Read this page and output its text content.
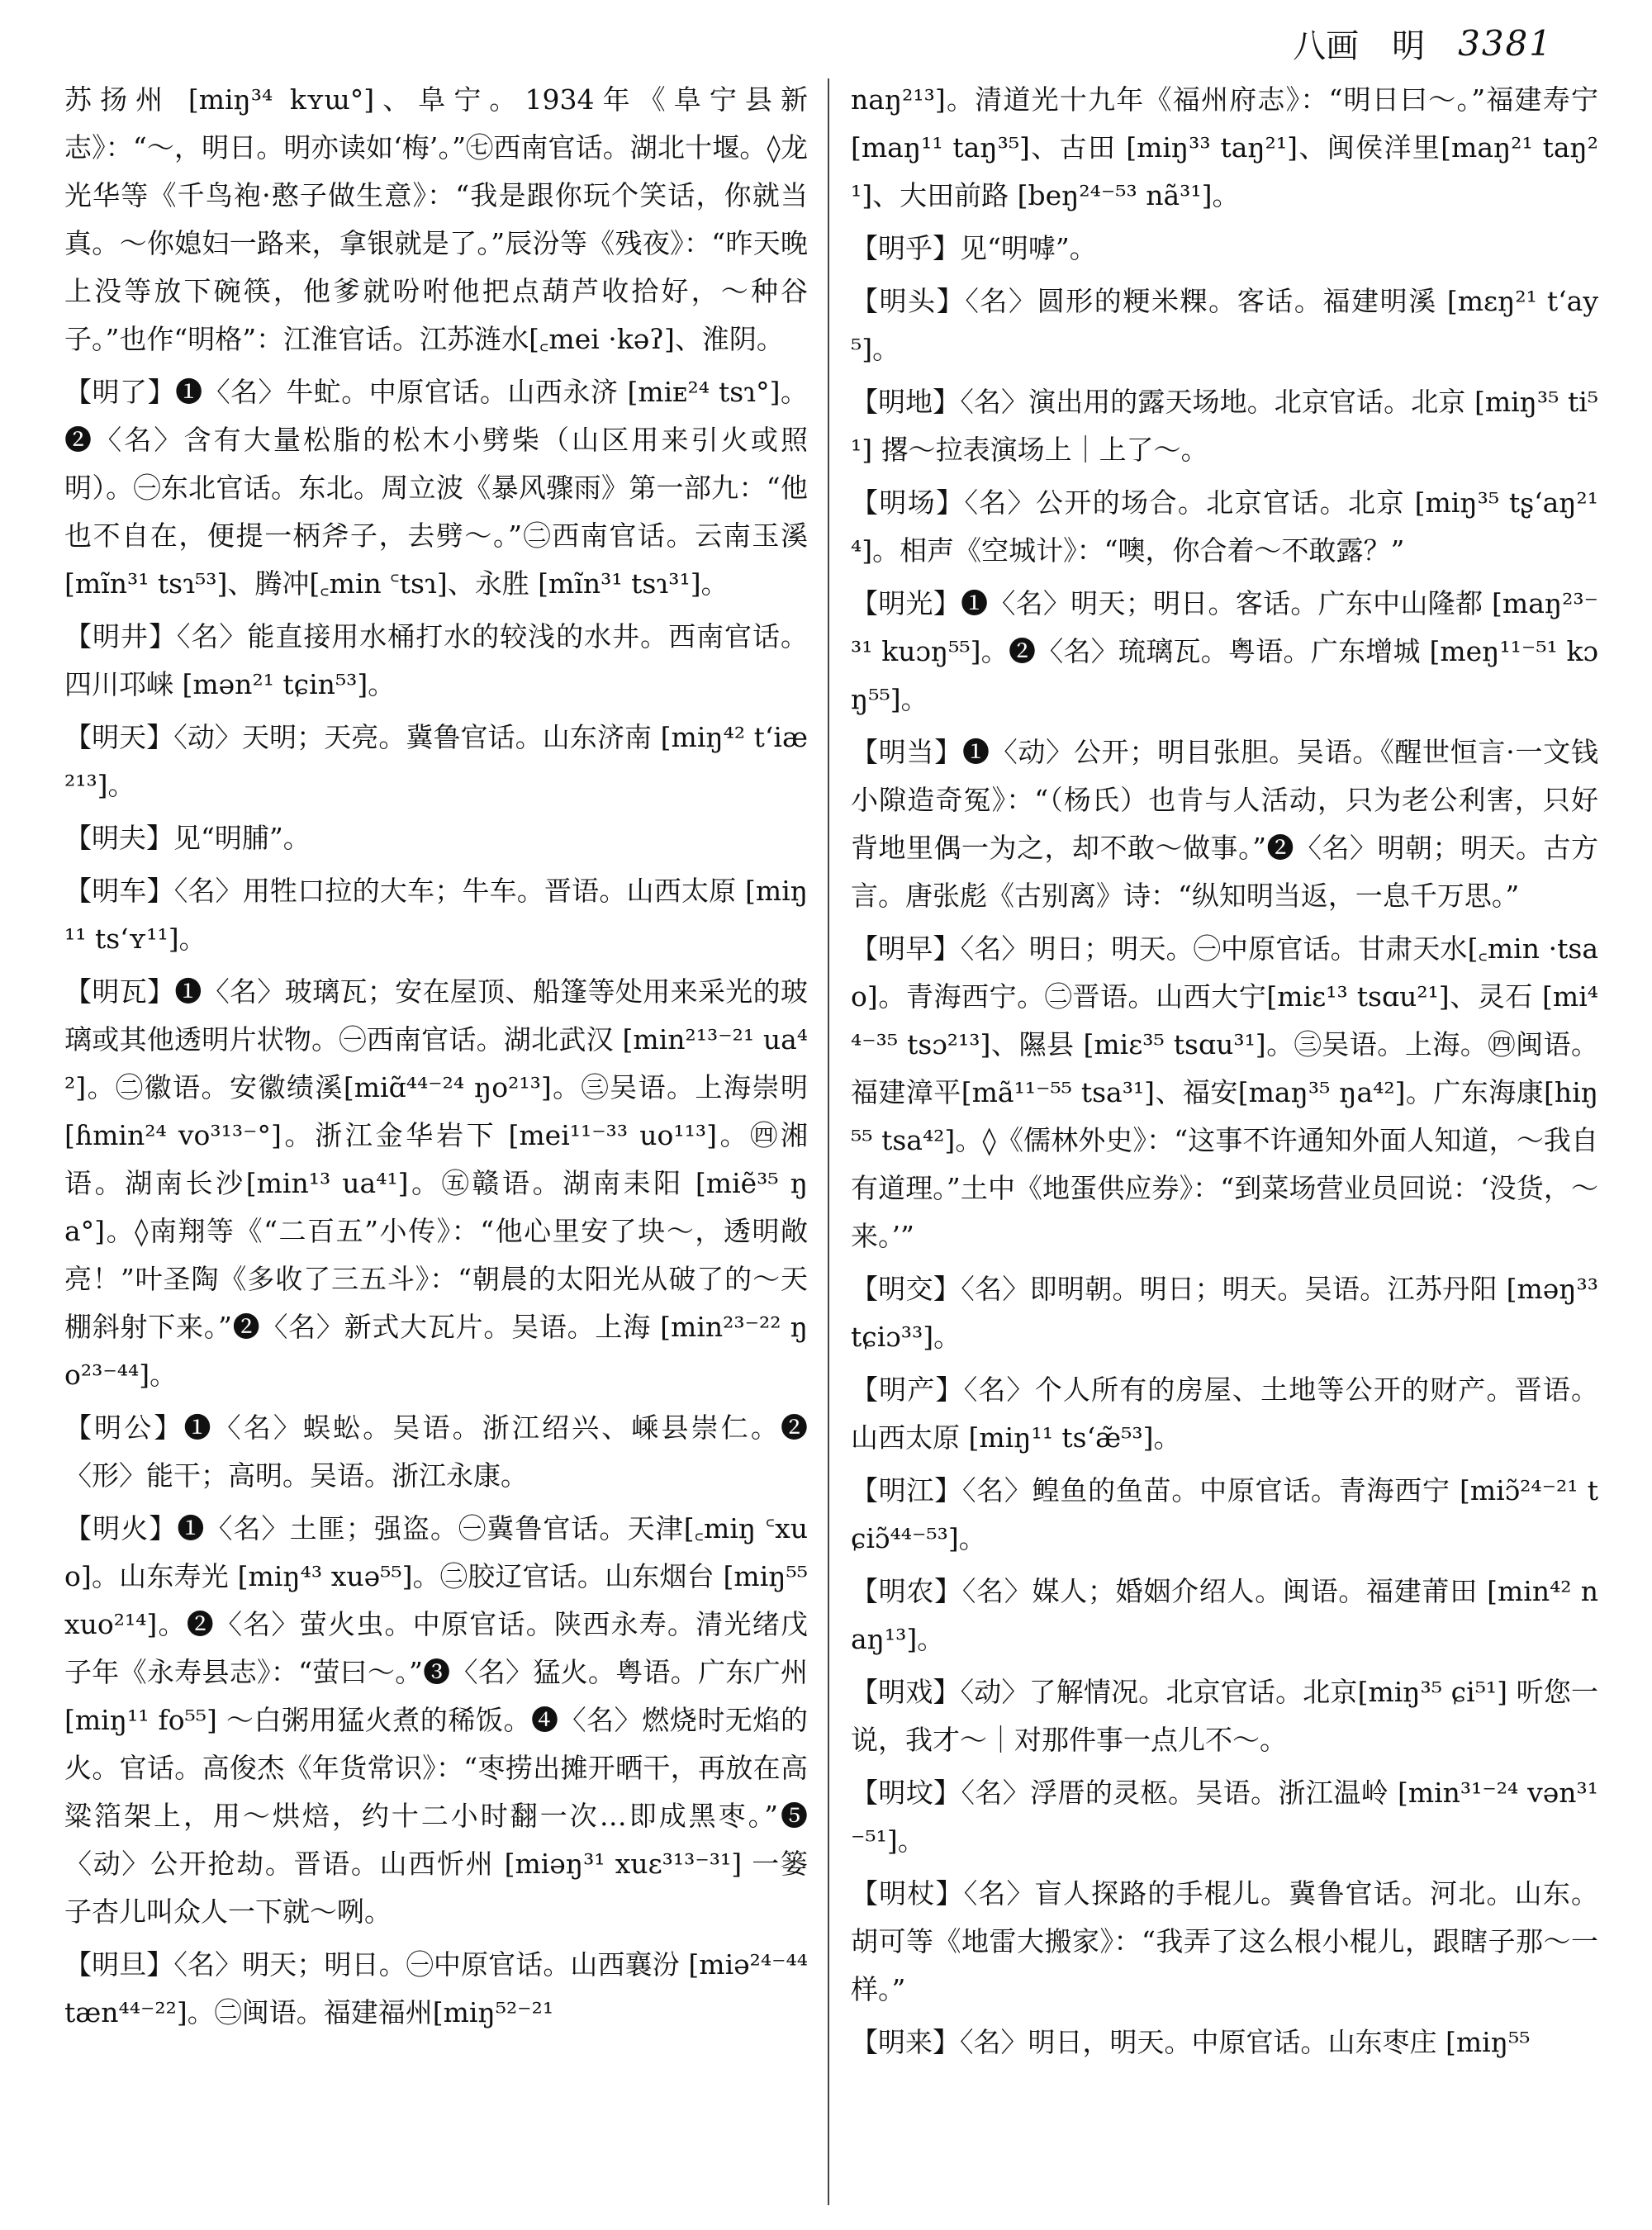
八画　明 3381

苏扬州 [miŋ³⁴ kʏɯ°]、阜宁。1934年《阜宁县新志》：“～，明日。明亦读如‘梅’。”㊆西南官话。湖北十堰。◊龙光华等《千鸟袍·憨子做生意》：“我是跟你玩个笑话，你就当真。～你媳妇一路来，拿银就是了。”辰汾等《残夜》：“昨天晚上没等放下碗筷，他爹就吩咐他把点葫芦收拾好，～种谷子。”也作“明格”：江淮官话。江苏涟水[꜀mei ·kəʔ]、淮阴。

【明了】❶〈名〉牛虻。中原官话。山西永济 [miᴇ²⁴ tsɿ°]。❷〈名〉含有大量松脂的松木小劈柴（山区用来引火或照明）。㊀东北官话。东北。周立波《暴风骤雨》第一部九：“他也不自在，便提一柄斧子，去劈～。”㊁西南官话。云南玉溪 [mĩn³¹ tsɿ⁵³]、腾冲[꜀min ꜂tsɿ]、永胜 [mĩn³¹ tsɿ³¹]。

【明井】〈名〉能直接用水桶打水的较浅的水井。西南官话。四川邛崃 [mən²¹ tɕin⁵³]。

【明天】〈动〉天明；天亮。冀鲁官话。山东济南 [miŋ⁴² tʻiæ²¹³]。

【明夫】见“明脯”。

【明车】〈名〉用牲口拉的大车；牛车。晋语。山西太原 [miŋ¹¹ tsʻʏ¹¹]。

【明瓦】❶〈名〉玻璃瓦；安在屋顶、船篷等处用来采光的玻璃或其他透明片状物。㊀西南官话。湖北武汉 [min²¹³⁻²¹ ua⁴²]。㊁徽语。安徽绩溪[miɑ̃⁴⁴⁻²⁴ ŋo²¹³]。㊂吴语。上海崇明[ɦmin²⁴ vo³¹³⁻°]。浙江金华岩下 [mei¹¹⁻³³ uo¹¹³]。㊃湘语。湖南长沙[min¹³ ua⁴¹]。㊄赣语。湖南耒阳 [miẽ³⁵ ŋa°]。◊南翔等《“二百五”小传》：“他心里安了块～，透明敞亮！”叶圣陶《多收了三五斗》：“朝晨的太阳光从破了的～天棚斜射下来。”❷〈名〉新式大瓦片。吴语。上海 [min²³⁻²² ŋo²³⁻⁴⁴]。

【明公】❶〈名〉蜈蚣。吴语。浙江绍兴、嵊县崇仁。❷〈形〉能干；高明。吴语。浙江永康。

【明火】❶〈名〉土匪；强盗。㊀冀鲁官话。天津[꜀miŋ ꜂xuo]。山东寿光 [miŋ⁴³ xuə⁵⁵]。㊁胶辽官话。山东烟台 [miŋ⁵⁵ xuo²¹⁴]。❷〈名〉萤火虫。中原官话。陕西永寿。清光绪戊子年《永寿县志》：“萤曰～。”❸〈名〉猛火。粤语。广东广州 [miŋ¹¹ fo⁵⁵] ～白粥用猛火煮的稀饭。❹〈名〉燃烧时无焰的火。官话。高俊杰《年货常识》：“枣捞出摊开晒干，再放在高粱箔架上，用～烘焙，约十二小时翻一次…即成黑枣。”❺〈动〉公开抢劫。晋语。山西忻州 [miəŋ³¹ xuɛ³¹³⁻³¹] 一篓子杏儿叫众人一下就～咧。

【明旦】〈名〉明天；明日。㊀中原官话。山西襄汾 [miə²⁴⁻⁴⁴ tæn⁴⁴⁻²²]。㊁闽语。福建福州[miŋ⁵²⁻²¹

naŋ²¹³]。清道光十九年《福州府志》：“明日曰～。”福建寿宁 [maŋ¹¹ taŋ³⁵]、古田 [miŋ³³ taŋ²¹]、闽侯洋里[maŋ²¹ taŋ²¹]、大田前路 [beŋ²⁴⁻⁵³ nã³¹]。

【明乎】见“明嘑”。

【明头】〈名〉圆形的粳米粿。客话。福建明溪 [mɛŋ²¹ tʻay⁵]。

【明地】〈名〉演出用的露天场地。北京官话。北京 [miŋ³⁵ ti⁵¹] 撂～拉表演场上｜上了～。

【明场】〈名〉公开的场合。北京官话。北京 [miŋ³⁵ tʂʻaŋ²¹⁴]。相声《空城计》：“噢，你合着～不敢露？”

【明光】❶〈名〉明天；明日。客话。广东中山隆都 [maŋ²³⁻³¹ kuɔŋ⁵⁵]。❷〈名〉琉璃瓦。粤语。广东增城 [meŋ¹¹⁻⁵¹ kɔŋ⁵⁵]。

【明当】❶〈动〉公开；明目张胆。吴语。《醒世恒言·一文钱小隙造奇冤》：“（杨氏）也肯与人活动，只为老公利害，只好背地里偶一为之，却不敢～做事。”❷〈名〉明朝；明天。古方言。唐张彪《古别离》诗：“纵知明当返，一息千万思。”

【明早】〈名〉明日；明天。㊀中原官话。甘肃天水[꜀min ·tsao]。青海西宁。㊁晋语。山西大宁[miɛ¹³ tsɑu²¹]、灵石 [mi⁴⁴⁻³⁵ tsɔ²¹³]、隰县 [miɛ³⁵ tsɑu³¹]。㊂吴语。上海。㊃闽语。福建漳平[mã¹¹⁻⁵⁵ tsa³¹]、福安[maŋ³⁵ ŋa⁴²]。广东海康[hiŋ⁵⁵ tsa⁴²]。◊《儒林外史》：“这事不许通知外面人知道，～我自有道理。”土中《地蛋供应券》：“到菜场营业员回说：‘没货，～来。’”

【明交】〈名〉即明朝。明日；明天。吴语。江苏丹阳 [məŋ³³ tɕiɔ³³]。

【明产】〈名〉个人所有的房屋、土地等公开的财产。晋语。山西太原 [miŋ¹¹ tsʻæ̃⁵³]。

【明江】〈名〉鳇鱼的鱼苗。中原官话。青海西宁 [miɔ̃²⁴⁻²¹ tɕiɔ̃⁴⁴⁻⁵³]。

【明农】〈名〉媒人；婚姻介绍人。闽语。福建莆田 [min⁴² naŋ¹³]。

【明戏】〈动〉了解情况。北京官话。北京[miŋ³⁵ ɕi⁵¹] 听您一说，我才～｜对那件事一点儿不～。

【明坟】〈名〉浮厝的灵柩。吴语。浙江温岭 [min³¹⁻²⁴ vən³¹⁻⁵¹]。

【明杖】〈名〉盲人探路的手棍儿。冀鲁官话。河北。山东。胡可等《地雷大搬家》：“我弄了这么根小棍儿，跟瞎子那～一样。”

【明来】〈名〉明日，明天。中原官话。山东枣庄 [miŋ⁵⁵
